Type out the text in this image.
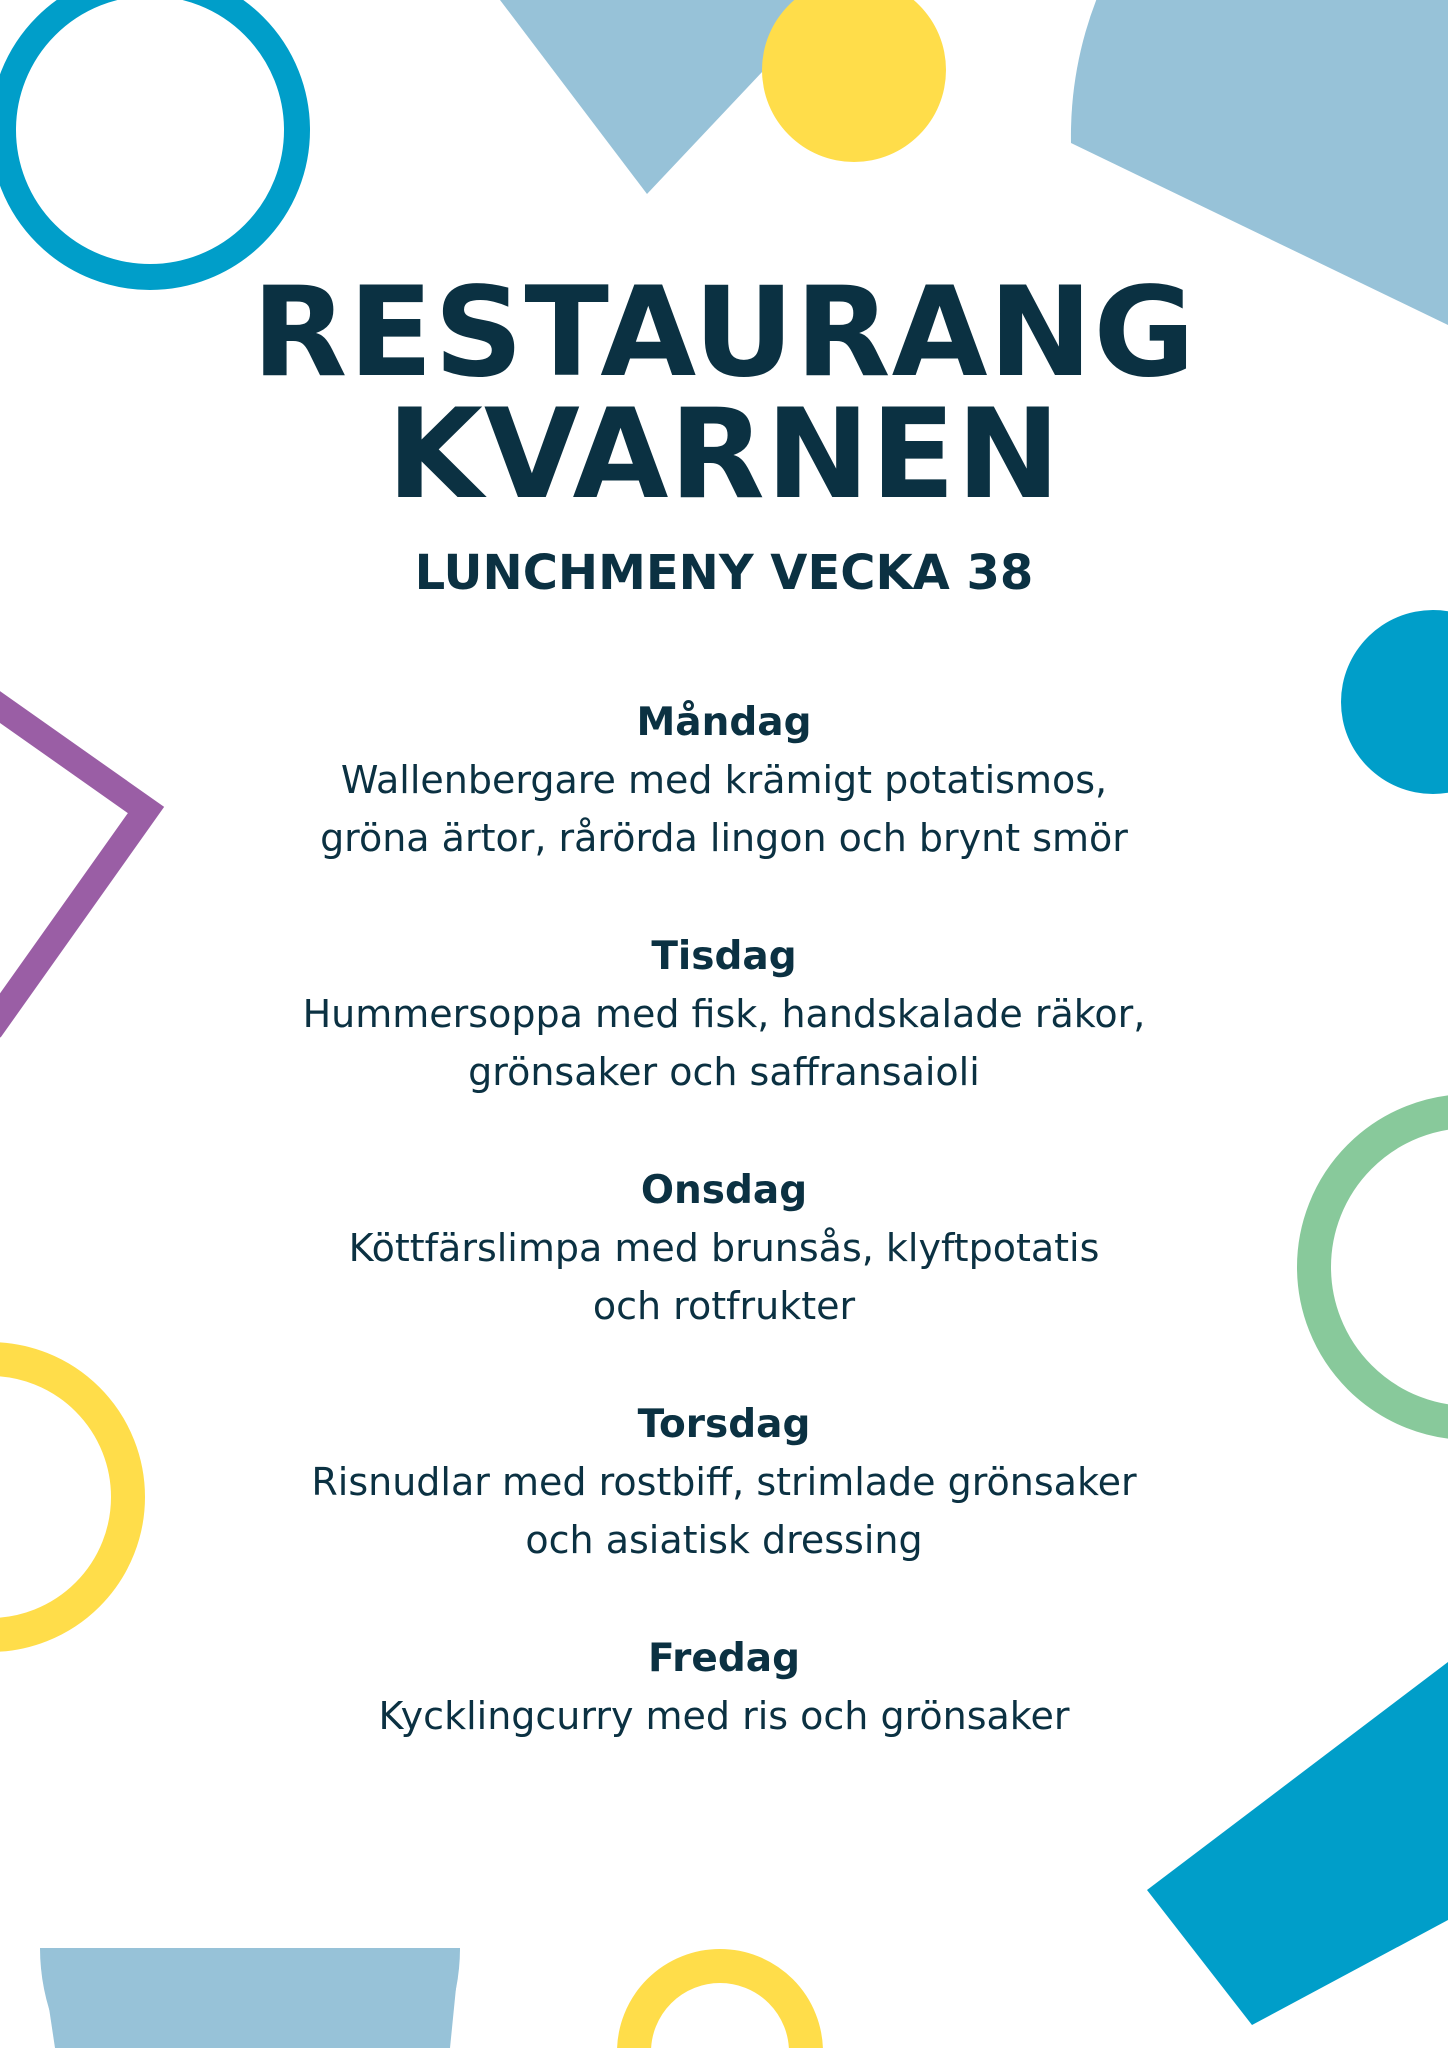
RESTAURANG
KVARNEN
LUNCHMENY VECKA 38
Måndag
Wallenbergare med krämigt potatismos,
gröna ärtor, rårörda lingon och brynt smör
Tisdag
Hummersoppa med fisk, handskalade räkor,
grönsaker och saffransaioli
Onsdag
Köttfärslimpa med brunsås, klyftpotatis
och rotfrukter
Torsdag
Risnudlar med rostbiff, strimlade grönsaker
och asiatisk dressing
Fredag
Kycklingcurry med ris och grönsaker
